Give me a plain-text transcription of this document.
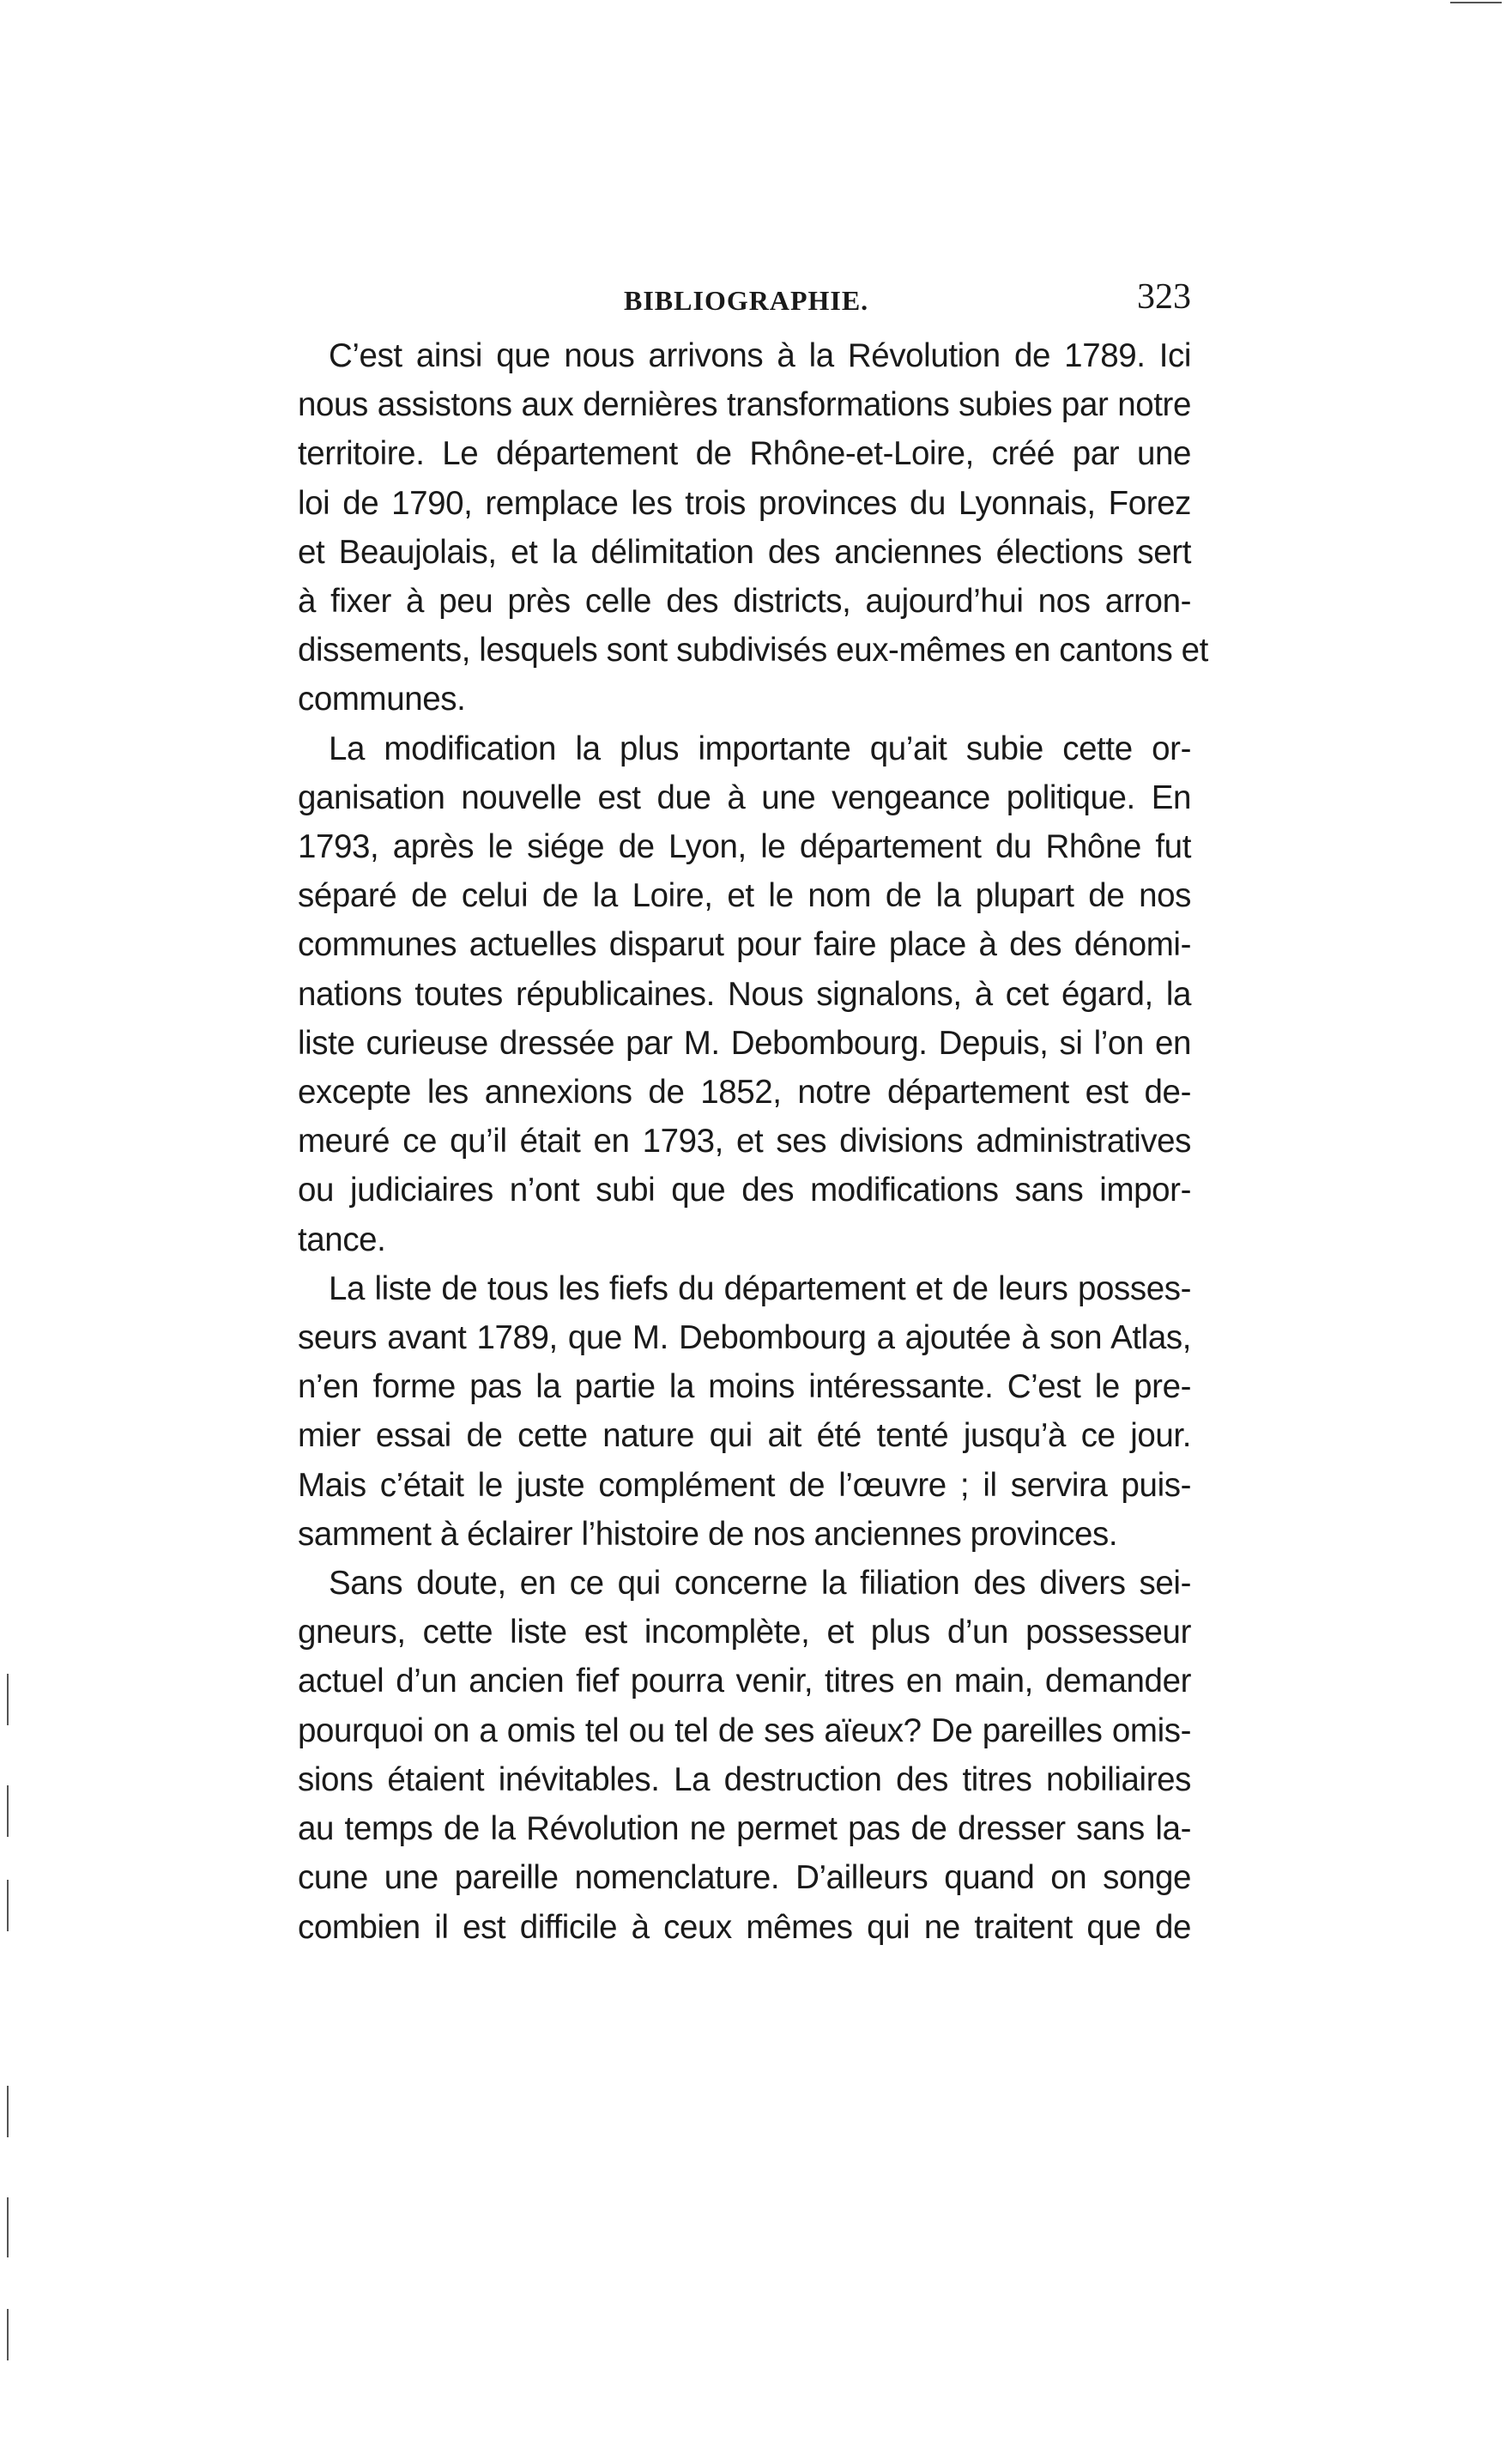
BIBLIOGRAPHIE.	323

C’est ainsi que nous arrivons à la Révolution de 1789. Ici
nous assistons aux dernières transformations subies par notre
territoire. Le département de Rhône-et-Loire, créé par une
loi de 1790, remplace les trois provinces du Lyonnais, Forez
et Beaujolais, et la délimitation des anciennes élections sert
à fixer à peu près celle des districts, aujourd’hui nos arron-
dissements, lesquels sont subdivisés eux-mêmes en cantons et
communes.

La modification la plus importante qu’ait subie cette or-
ganisation nouvelle est due à une vengeance politique. En
1793, après le siége de Lyon, le département du Rhône fut
séparé de celui de la Loire, et le nom de la plupart de nos
communes actuelles disparut pour faire place à des dénomi-
nations toutes républicaines. Nous signalons, à cet égard, la
liste curieuse dressée par M. Debombourg. Depuis, si l’on en
excepte les annexions de 1852, notre département est de-
meuré ce qu’il était en 1793, et ses divisions administratives
ou judiciaires n’ont subi que des modifications sans impor-
tance.

La liste de tous les fiefs du département et de leurs posses-
seurs avant 1789, que M. Debombourg a ajoutée à son Atlas,
n’en forme pas la partie la moins intéressante. C’est le pre-
mier essai de cette nature qui ait été tenté jusqu’à ce jour.
Mais c’était le juste complément de l’œuvre ; il servira puis-
samment à éclairer l’histoire de nos anciennes provinces.

Sans doute, en ce qui concerne la filiation des divers sei-
gneurs, cette liste est incomplète, et plus d’un possesseur
actuel d’un ancien fief pourra venir, titres en main, demander
pourquoi on a omis tel ou tel de ses aïeux? De pareilles omis-
sions étaient inévitables. La destruction des titres nobiliaires
au temps de la Révolution ne permet pas de dresser sans la-
cune une pareille nomenclature. D’ailleurs quand on songe
combien il est difficile à ceux mêmes qui ne traitent que de
